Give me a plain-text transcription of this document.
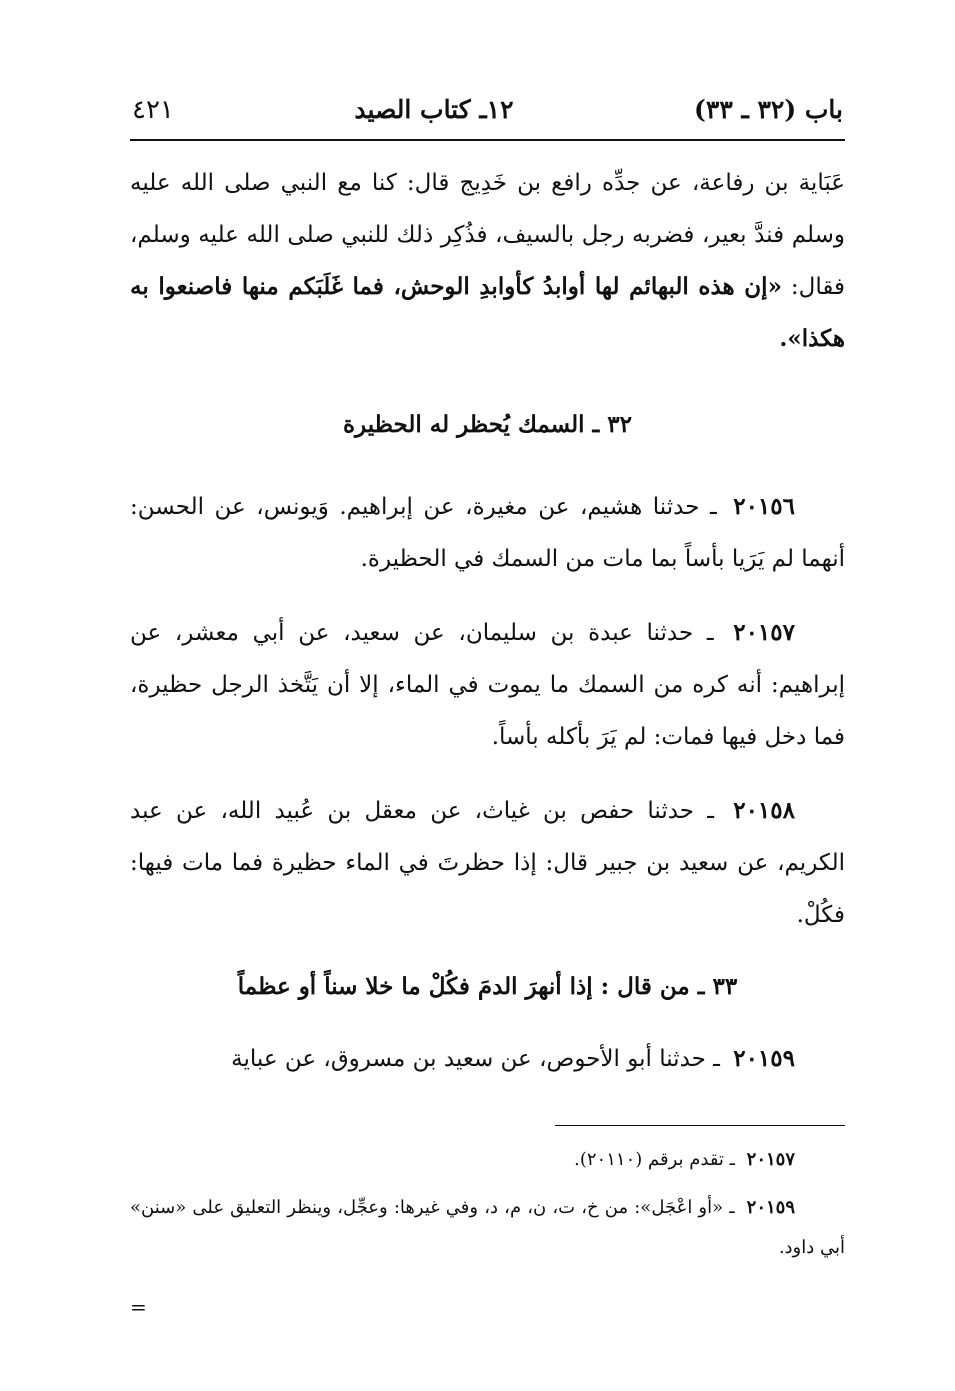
باب (٣٢ ـ ٣٣)
١٢ـ كتاب الصيد
٤٢١
عَبَاية بن رفاعة، عن جدِّه رافع بن خَدِيج قال: كنا مع النبي صلى الله عليه وسلم فندَّ بعير، فضربه رجل بالسيف، فذُكِر ذلك للنبي صلى الله عليه وسلم، فقال: «إن هذه البهائم لها أوابدُ كأوابدِ الوحش، فما غَلَبَكم منها فاصنعوا به هكذا».
٣٢ ـ السمك يُحظر له الحظيرة
٢٠١٥٦ ـ حدثنا هشيم، عن مغيرة، عن إبراهيم. وَيونس، عن الحسن: أنهما لم يَرَيا بأساً بما مات من السمك في الحظيرة.
٢٠١٥٧ ـ حدثنا عبدة بن سليمان، عن سعيد، عن أبي معشر، عن إبراهيم: أنه كره من السمك ما يموت في الماء، إلا أن يَتَّخذ الرجل حظيرة، فما دخل فيها فمات: لم يَرَ بأكله بأساً.
٢٠١٥٨ ـ حدثنا حفص بن غياث، عن معقل بن عُبيد الله، عن عبد الكريم، عن سعيد بن جبير قال: إذا حظرتَ في الماء حظيرة فما مات فيها: فكُلْ.
٣٣ ـ من قال : إذا أنهرَ الدمَ فكُلْ ما خلا سناً أو عظماً
٢٠١٥٩ ـ حدثنا أبو الأحوص، عن سعيد بن مسروق، عن عباية
٢٠١٥٧ ـ تقدم برقم (٢٠١١٠).
٢٠١٥٩ ـ «أو اعْجَل»: من خ، ت، ن، م، د، وفي غيرها: وعجِّل، وينظر التعليق على «سنن» أبي داود.
=
